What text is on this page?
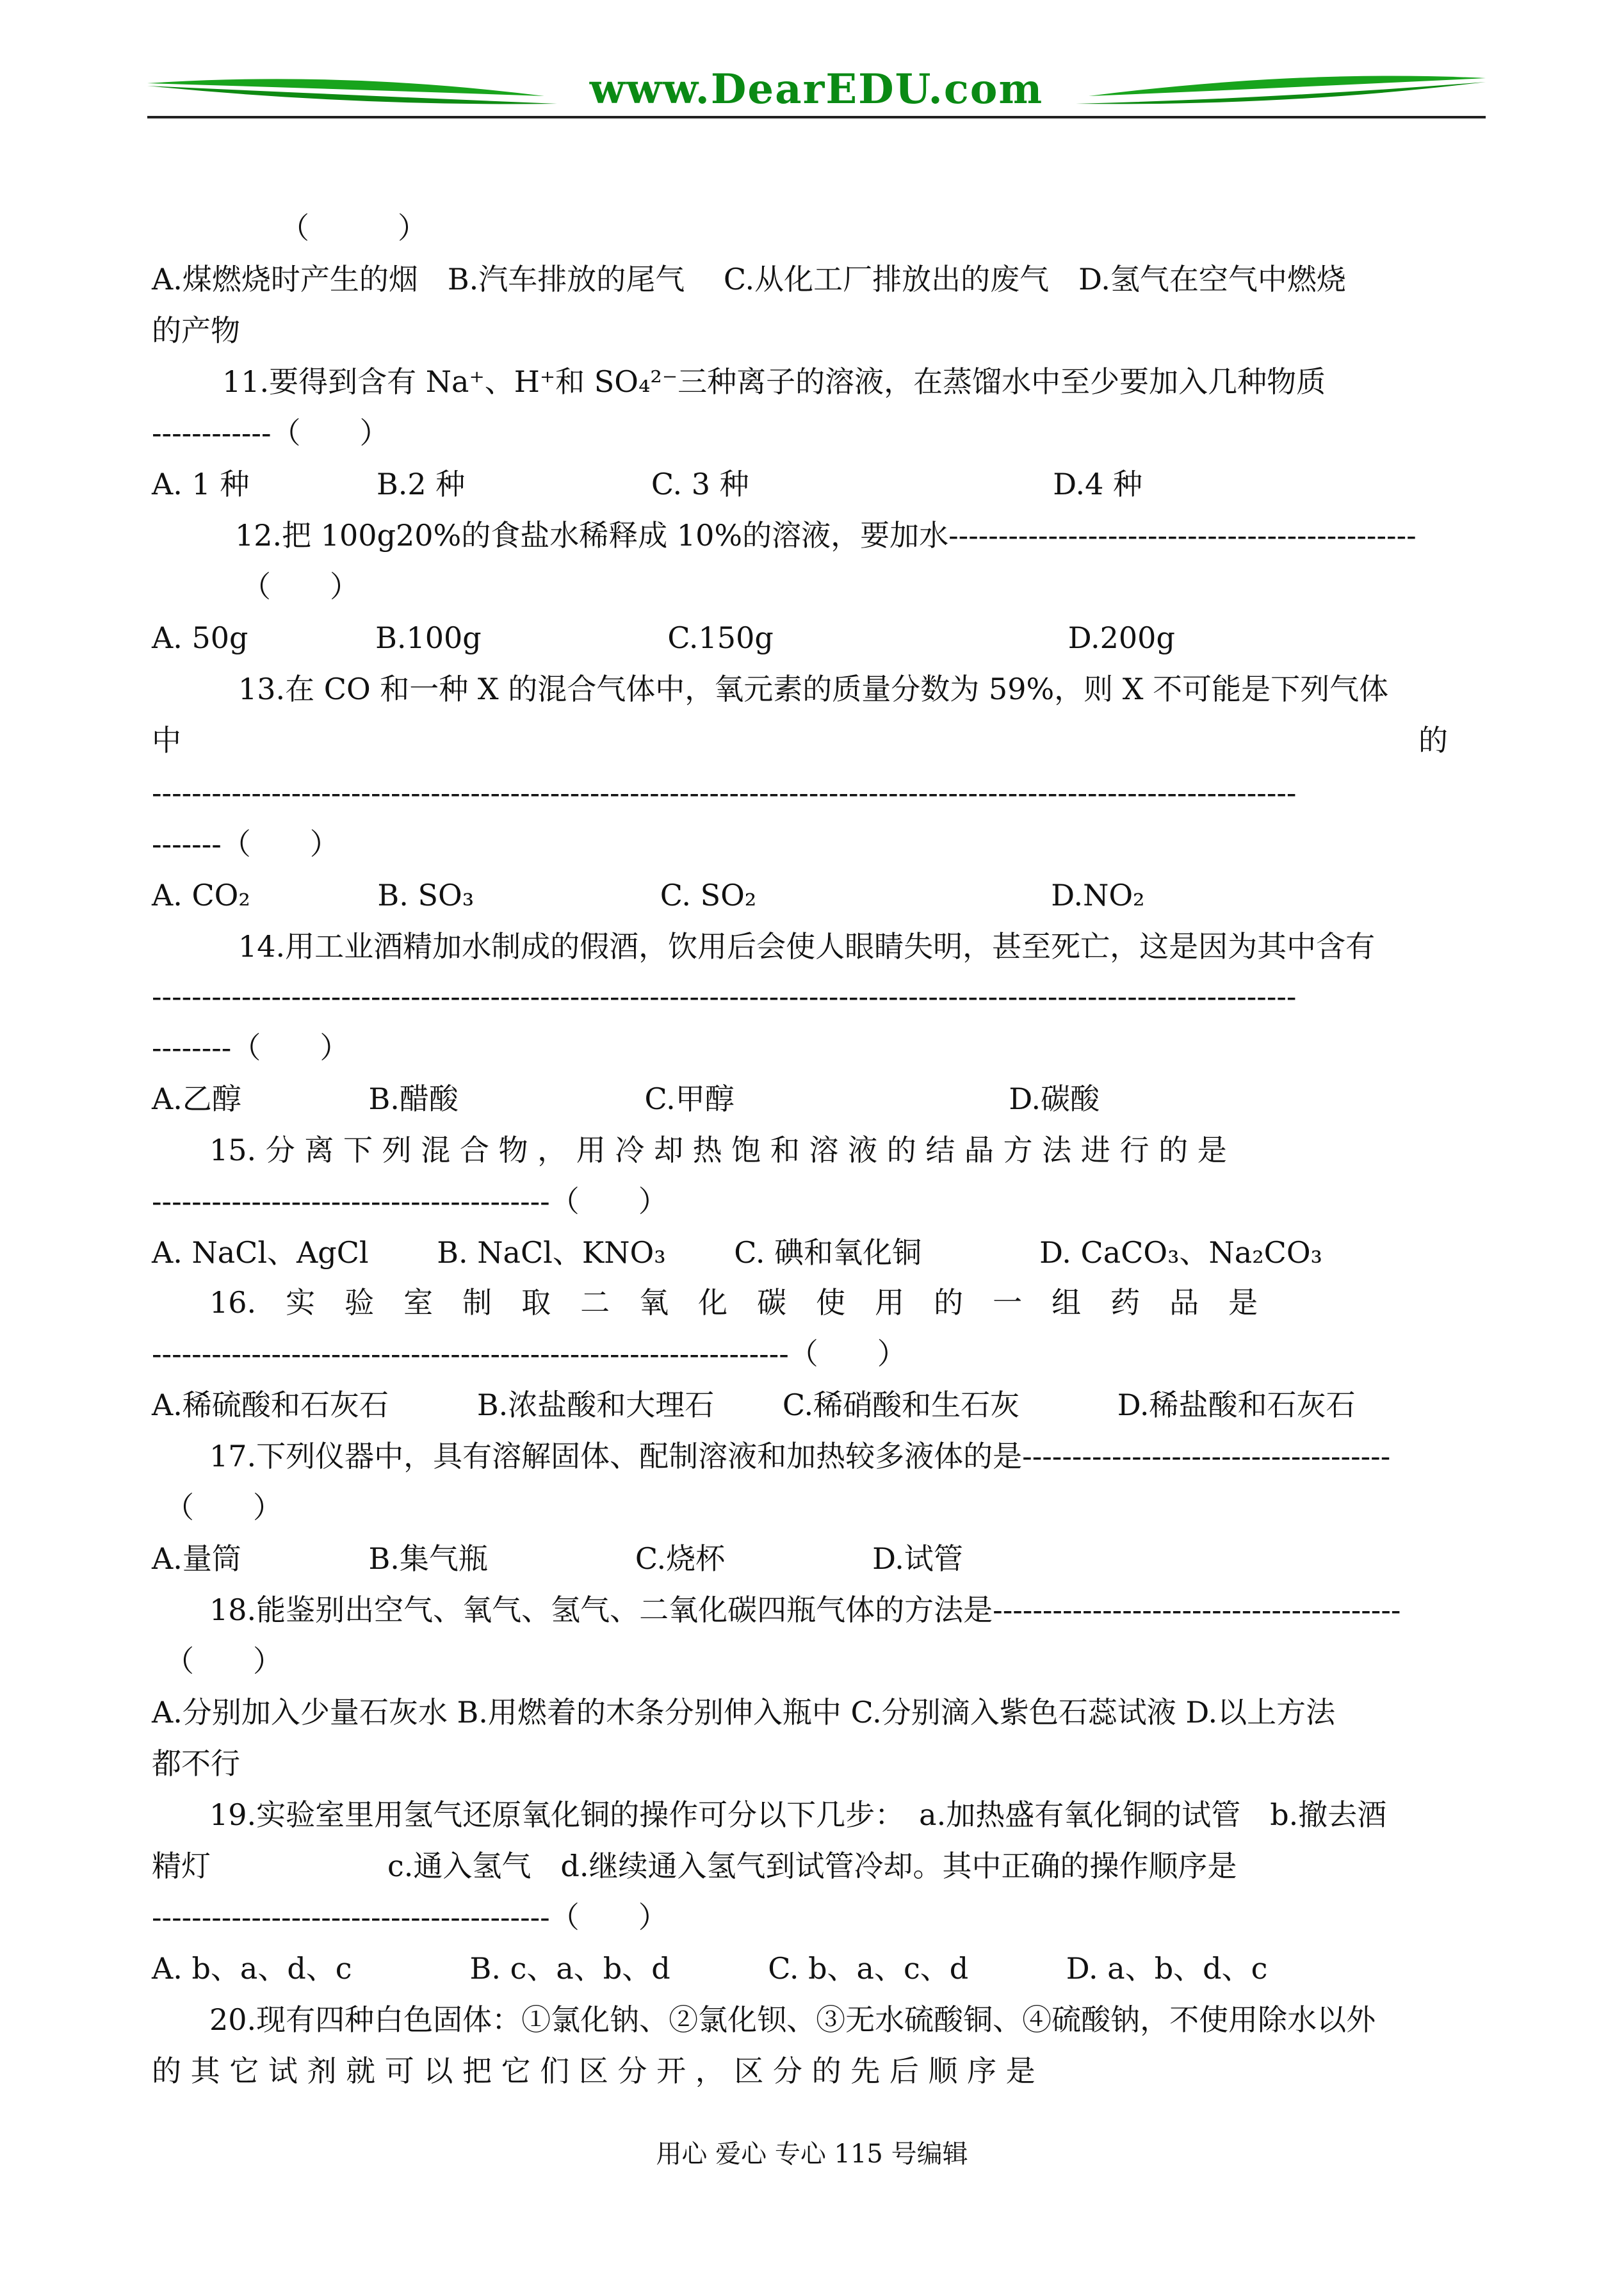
www.DearEDU.com
（　　　）
A.煤燃烧时产生的烟　B.汽车排放的尾气　 C.从化工厂排放出的废气　D.氢气在空气中燃烧
的产物
11.要得到含有 Na⁺、H⁺和 SO₄²⁻三种离子的溶液，在蒸馏水中至少要加入几种物质
------------（　　）
A. 1 种　　　　 B.2 种　　　　　　 C. 3 种　　　　　　　　　　 D.4 种
12.把 100g20%的食盐水稀释成 10%的溶液，要加水-----------------------------------------------
（　　）
A. 50g　　　　 B.100g　　　　　　 C.150g　　　　　　　　　　D.200g
13.在 CO 和一种 X 的混合气体中，氧元素的质量分数为 59%，则 X 不可能是下列气体
中　　　　　　　　　　　　　　　　　　　　　　　　　　　　　　　　　　　　　　　　　　的
-------------------------------------------------------------------------------------------------------------------
-------（　　）
A. CO₂　　　　 B. SO₃　　　　　　 C. SO₂　　　　　　　　　　D.NO₂
14.用工业酒精加水制成的假酒，饮用后会使人眼睛失明，甚至死亡，这是因为其中含有
-------------------------------------------------------------------------------------------------------------------
--------（　　）
A.乙醇　　　　 B.醋酸　　　　　　 C.甲醇　　　　　　　　　 D.碳酸
15. 分 离 下 列 混 合 物 ， 用 冷 却 热 饱 和 溶 液 的 结 晶 方 法 进 行 的 是
----------------------------------------（　　）
A. NaCl、AgCl　　 B. NaCl、KNO₃　　 C. 碘和氧化铜　　　　D. CaCO₃、Na₂CO₃
16.　实　验　室　制　取　二　氧　化　碳　使　用　的　一　组　药　品　是
----------------------------------------------------------------（　　）
A.稀硫酸和石灰石　　　B.浓盐酸和大理石　　 C.稀硝酸和生石灰　　　 D.稀盐酸和石灰石
17.下列仪器中，具有溶解固体、配制溶液和加热较多液体的是-------------------------------------
（　　）
A.量筒　　　　 B.集气瓶　　　　　C.烧杯　　　　　D.试管
18.能鉴别出空气、氧气、氢气、二氧化碳四瓶气体的方法是-----------------------------------------
（　　）
A.分别加入少量石灰水 B.用燃着的木条分别伸入瓶中 C.分别滴入紫色石蕊试液 D.以上方法
都不行
19.实验室里用氢气还原氧化铜的操作可分以下几步：　a.加热盛有氧化铜的试管　b.撤去酒
精灯　　　　　　c.通入氢气　d.继续通入氢气到试管冷却。其中正确的操作顺序是
----------------------------------------（　　）
A. b、a、d、c　　　　B. c、a、b、d　　　 C. b、a、c、d　　　 D. a、b、d、c
20.现有四种白色固体：①氯化钠、②氯化钡、③无水硫酸铜、④硫酸钠，不使用除水以外
的 其 它 试 剂 就 可 以 把 它 们 区 分 开 ， 区 分 的 先 后 顺 序 是
用心 爱心 专心 115 号编辑
